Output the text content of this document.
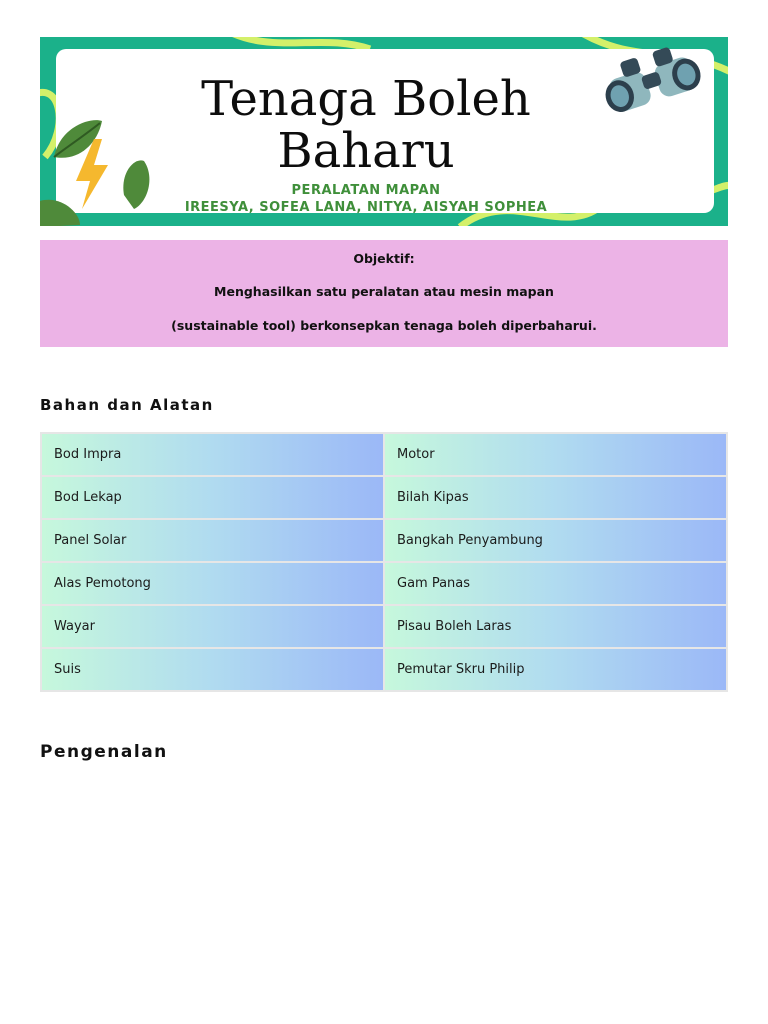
Tenaga Boleh
Baharu
PERALATAN MAPAN
IREESYA, SOFEA LANA, NITYA, AISYAH SOPHEA
Objektif:
Menghasilkan satu peralatan atau mesin mapan
(sustainable tool) berkonsepkan tenaga boleh diperbaharui.
Bahan dan Alatan
Bod Impra	Motor
Bod Lekap	Bilah Kipas
Panel Solar	Bangkah Penyambung
Alas Pemotong	Gam Panas
Wayar	Pisau Boleh Laras
Suis	Pemutar Skru Philip
Pengenalan
